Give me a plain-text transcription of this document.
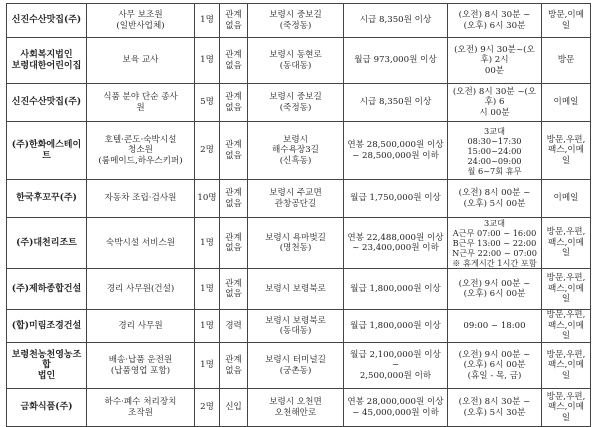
신진수산맛집(주)	사무 보조원
(일반사업체)	1명	관계
없음	보령시 중보길
(죽정동)	시급 8,350원 이상	(오전) 8시 30분 ~
(오후) 6시 30분	방문,이메일
사회복지법인
보령대한어린이집	보육 교사	1명	관계
없음	보령시 동현로
(동대동)	월급 973,000원 이상	(오전) 9시 30분~(오후) 2시
00분	방문
신진수산맛집(주)	식품 분야 단순 종사
원	5명	관계
없음	보령시 중보길
(죽정동)	시급 8,350원 이상	(오전) 8시 30분 ~(오후) 6
시 00분	이메일
(주)한화에스테이트	호텔·콘도·숙박시설
청소원
(룸메이드,하우스키퍼)	2명	관계
없음	보령시
해수욕장3길
(신흑동)	연봉 28,500,000원 이상
~ 28,500,000원 이하	3교대
08:30~17:30
15:00~24:00
24:00~09:00
월 6~7회 휴무	방문,우편,
팩스,이메일
한국후꼬꾸(주)	자동차 조립·검사원	10명	관계
없음	보령시 주교면
관창공단길	월급 1,750,000원 이상	(오전) 8시 00분 ~
(오후) 5시 00분	이메일
(주)대천리조트	숙박시설 서비스원	1명	관계
없음	보령시 욕마벚길
(명천동)	연봉 22,488,000원 이상
~ 23,400,000원 이하	3교대
A근무 07:00 ~ 16:00
B근무 13:00 ~ 22:00
N근무 22:00 ~ 07:00
※ 휴게시간 1시간 포함	방문,우편,
팩스,이메일
(주)제하종합건설	경리 사무원(건설)	1명	관계
없음	보령시 보령북로	월급 1,800,000원 이상	(오전) 9시 00분 ~
(오후) 6시 00분	방문,우편,
팩스,이메일
(합)미림조경건설	경리 사무원	1명	경력	보령시 보령북로
(동대동)	월급 1,800,000원 이상	09:00 ~ 18:00	방문,우편,
팩스,이메일
보령천농천영농조합
법인	배송·납품 운전원
(납품영업 포함)	1명	관계
없음	보령시 터미널길
(궁촌동)	월급 2,100,000원 이상 ~
2,500,000원 이하	(오전) 9시 00분 ~
(오후) 6시 00분
(휴일 - 목, 금)	방문,우편,
팩스,이메일
금화식품(주)	하수·폐수 처리장치
조작원	2명	신입	보령시 오천면
오천해안로	연봉 28,000,000원 이상
~ 45,000,000원 이하	(오전) 8시 30분 ~
(오후) 5시 30분	방문,우편,
팩스,이메일
